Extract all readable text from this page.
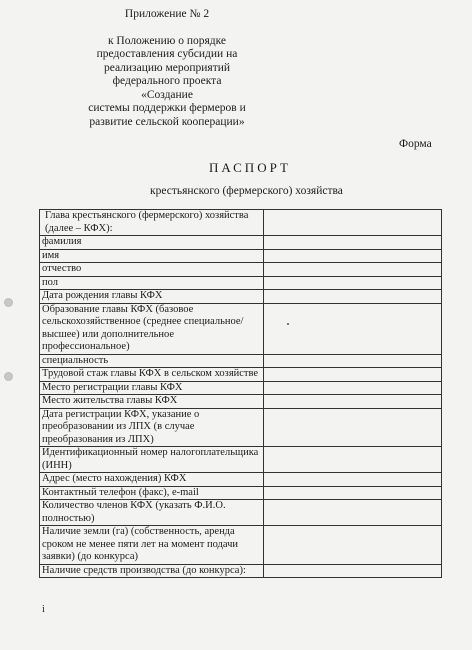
Приложение № 2
к Положению о порядке
предоставления субсидии на
реализацию мероприятий
федерального проекта «Создание
системы поддержки фермеров и
развитие сельской кооперации»
Форма
ПАСПОРТ
крестьянского (фермерского) хозяйства
Глава крестьянского (фермерского) хозяйства (далее – КФХ):	
фамилия	
имя	
отчество	
пол	
Дата рождения главы КФХ	
Образование главы КФХ (базовое сельскохозяйственное (среднее специальное/высшее) или дополнительное профессиональное)	
специальность	
Трудовой стаж главы КФХ в сельском хозяйстве	
Место регистрации главы КФХ	
Место жительства главы КФХ	
Дата регистрации КФХ, указание о преобразовании из ЛПХ (в случае преобразования из ЛПХ)	
Идентификационный номер налогоплательщика (ИНН)	
Адрес (место нахождения) КФХ	
Контактный телефон (факс), e-mail	
Количество членов КФХ (указать Ф.И.О. полностью)	
Наличие земли (га) (собственность, аренда сроком не менее пяти лет на момент подачи заявки) (до конкурса)	
Наличие средств производства (до конкурса):	
і
